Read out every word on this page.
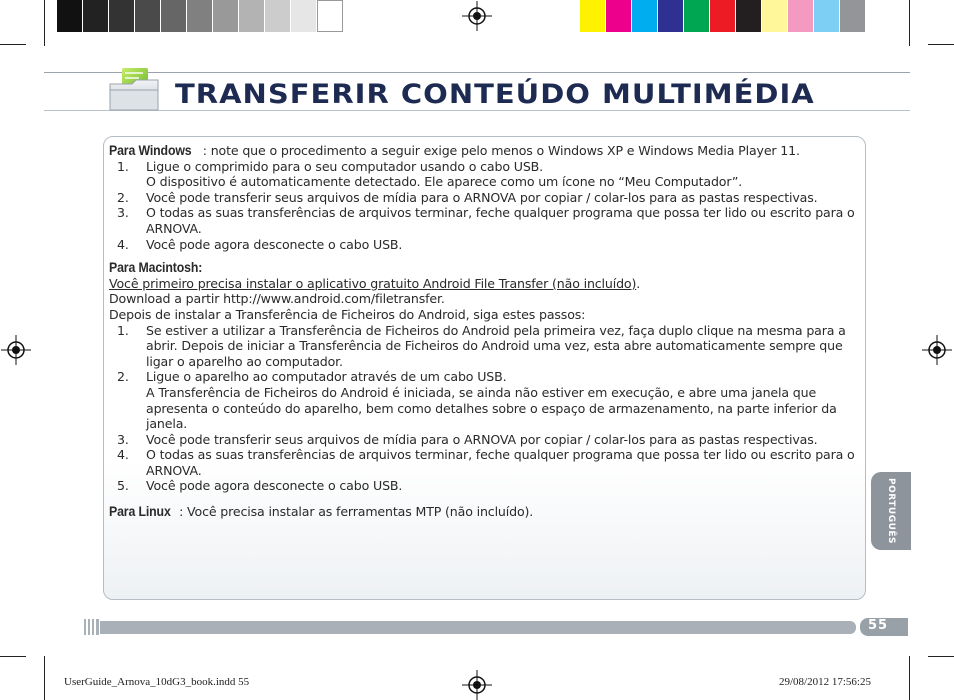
TRANSFERIR CONTEÚDO MULTIMÉDIA
Para Windows : note que o procedimento a seguir exige pelo menos o Windows XP e Windows Media Player 11.
1. Ligue o comprimido para o seu computador usando o cabo USB.
O dispositivo é automaticamente detectado. Ele aparece como um ícone no “Meu Computador”.
2. Você pode transferir seus arquivos de mídia para o ARNOVA por copiar / colar-los para as pastas respectivas.
3. O todas as suas transferências de arquivos terminar, feche qualquer programa que possa ter lido ou escrito para o ARNOVA.
4. Você pode agora desconecte o cabo USB.
Para Macintosh:
Você primeiro precisa instalar o aplicativo gratuito Android File Transfer (não incluído).
Download a partir http://www.android.com/filetransfer.
Depois de instalar a Transferência de Ficheiros do Android, siga estes passos:
1. Se estiver a utilizar a Transferência de Ficheiros do Android pela primeira vez, faça duplo clique na mesma para a abrir. Depois de iniciar a Transferência de Ficheiros do Android uma vez, esta abre automaticamente sempre que ligar o aparelho ao computador.
2. Ligue o aparelho ao computador através de um cabo USB.
A Transferência de Ficheiros do Android é iniciada, se ainda não estiver em execução, e abre uma janela que apresenta o conteúdo do aparelho, bem como detalhes sobre o espaço de armazenamento, na parte inferior da janela.
3. Você pode transferir seus arquivos de mídia para o ARNOVA por copiar / colar-los para as pastas respectivas.
4. O todas as suas transferências de arquivos terminar, feche qualquer programa que possa ter lido ou escrito para o ARNOVA.
5. Você pode agora desconecte o cabo USB.
Para Linux : Você precisa instalar as ferramentas MTP (não incluído).	PORTUGUÊS
55
UserGuide_Arnova_10dG3_book.indd 55	29/08/2012 17:56:25
